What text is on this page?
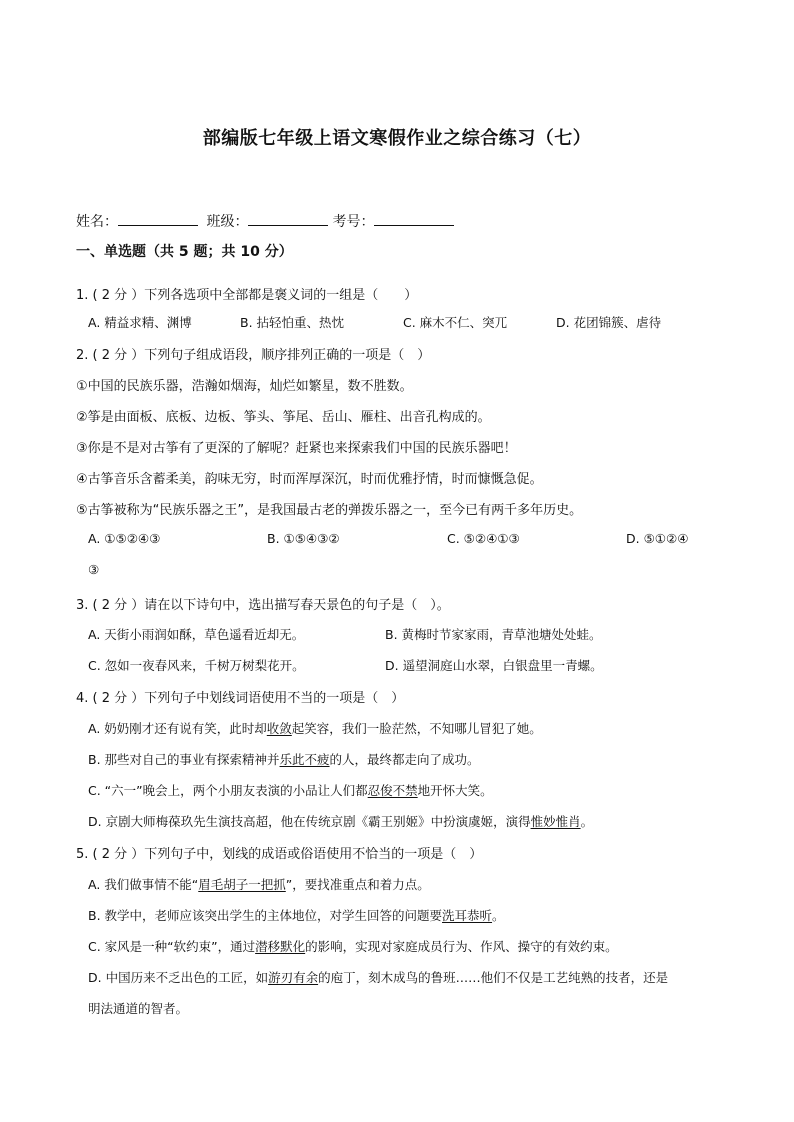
部编版七年级上语文寒假作业之综合练习（七）
姓名：	班级：	考号：
一、单选题（共 5 题；共 10 分）
1. ( 2 分 ）下列各选项中全部都是褒义词的一组是（　　）
A. 精益求精、渊博	B. 拈轻怕重、热忱	C. 麻木不仁、突兀	D. 花团锦簇、虐待
2. ( 2 分 ）下列句子组成语段，顺序排列正确的一项是（　）
①中国的民族乐器，浩瀚如烟海，灿烂如繁星，数不胜数。
②筝是由面板、底板、边板、筝头、筝尾、岳山、雁柱、出音孔构成的。
③你是不是对古筝有了更深的了解呢？赶紧也来探索我们中国的民族乐器吧！
④古筝音乐含蓄柔美，韵味无穷，时而浑厚深沉，时而优雅抒情，时而慷慨急促。
⑤古筝被称为“民族乐器之王”，是我国最古老的弹拨乐器之一，至今已有两千多年历史。
A. ①⑤②④③	B. ①⑤④③②	C. ⑤②④①③	D. ⑤①②④
③
3. ( 2 分 ）请在以下诗句中，选出描写春天景色的句子是（　）。
A. 天街小雨润如酥，草色遥看近却无。	B. 黄梅时节家家雨，青草池塘处处蛙。
C. 忽如一夜春风来，千树万树梨花开。	D. 遥望洞庭山水翠，白银盘里一青螺。
4. ( 2 分 ）下列句子中划线词语使用不当的一项是（　）
A. 奶奶刚才还有说有笑，此时却收敛起笑容，我们一脸茫然，不知哪儿冒犯了她。
B. 那些对自己的事业有探索精神并乐此不疲的人，最终都走向了成功。
C. “六一”晚会上，两个小朋友表演的小品让人们都忍俊不禁地开怀大笑。
D. 京剧大师梅葆玖先生演技高超，他在传统京剧《霸王别姬》中扮演虞姬，演得惟妙惟肖。
5. ( 2 分 ）下列句子中，划线的成语或俗语使用不恰当的一项是（　）
A. 我们做事情不能“眉毛胡子一把抓”，要找准重点和着力点。
B. 教学中，老师应该突出学生的主体地位，对学生回答的问题要洗耳恭听。
C. 家风是一种“软约束”，通过潜移默化的影响，实现对家庭成员行为、作风、操守的有效约束。
D. 中国历来不乏出色的工匠，如游刃有余的庖丁，刻木成鸟的鲁班……他们不仅是工艺纯熟的技者，还是
明法通道的智者。
